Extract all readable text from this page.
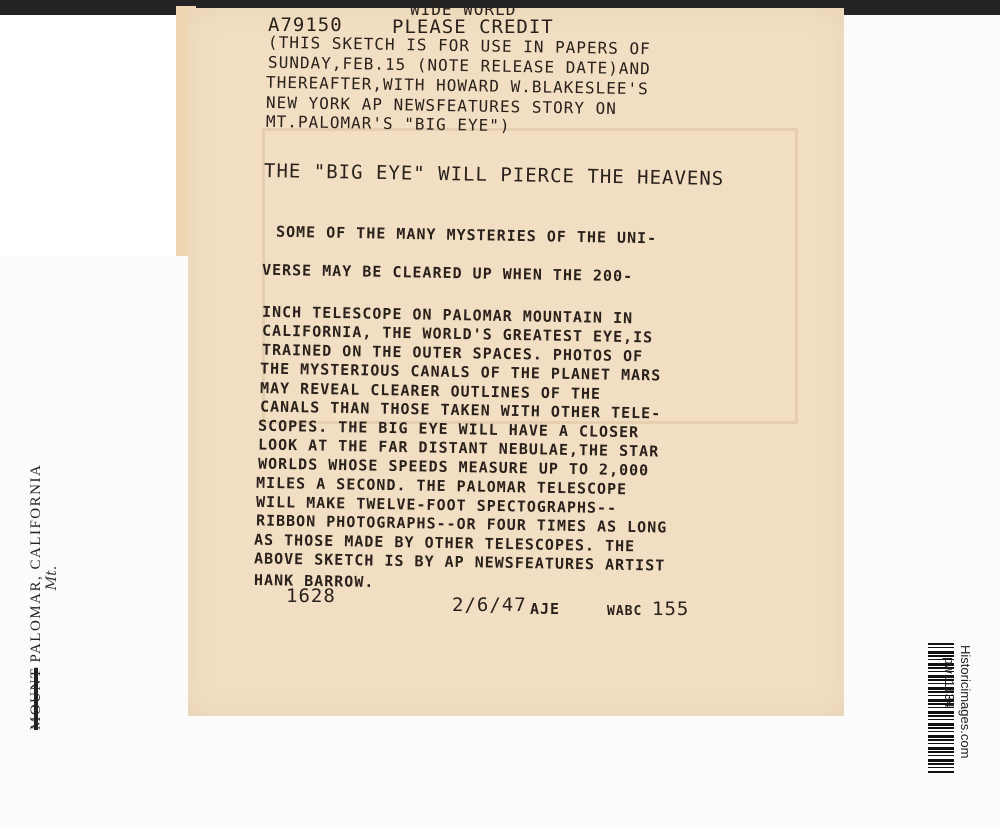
WIDE WORLD
A79150	PLEASE CREDIT
(THIS SKETCH IS FOR USE IN PAPERS OF
SUNDAY,FEB.15 (NOTE RELEASE DATE)AND
THEREAFTER,WITH HOWARD W.BLAKESLEE'S
NEW YORK AP NEWSFEATURES STORY ON
MT.PALOMAR'S "BIG EYE")
THE "BIG EYE" WILL PIERCE THE HEAVENS
SOME OF THE MANY MYSTERIES OF THE UNI-
VERSE MAY BE CLEARED UP WHEN THE 200-
INCH TELESCOPE ON PALOMAR MOUNTAIN IN
CALIFORNIA, THE WORLD'S GREATEST EYE,IS
TRAINED ON THE OUTER SPACES. PHOTOS OF
THE MYSTERIOUS CANALS OF THE PLANET MARS
MAY REVEAL CLEARER OUTLINES OF THE
CANALS THAN THOSE TAKEN WITH OTHER TELE-
SCOPES. THE BIG EYE WILL HAVE A CLOSER
LOOK AT THE FAR DISTANT NEBULAE,THE STAR
WORLDS WHOSE SPEEDS MEASURE UP TO 2,000
MILES A SECOND. THE PALOMAR TELESCOPE
WILL MAKE TWELVE-FOOT SPECTOGRAPHS--
RIBBON PHOTOGRAPHS--OR FOUR TIMES AS LONG
AS THOSE MADE BY OTHER TELESCOPES. THE
ABOVE SKETCH IS BY AP NEWSFEATURES ARTIST
HANK BARROW.
1628	2/6/47 AJE	WABC 155
MOUNT PALOMAR, CALIFORNIA Mt.
Historicimages.com
pw11134
